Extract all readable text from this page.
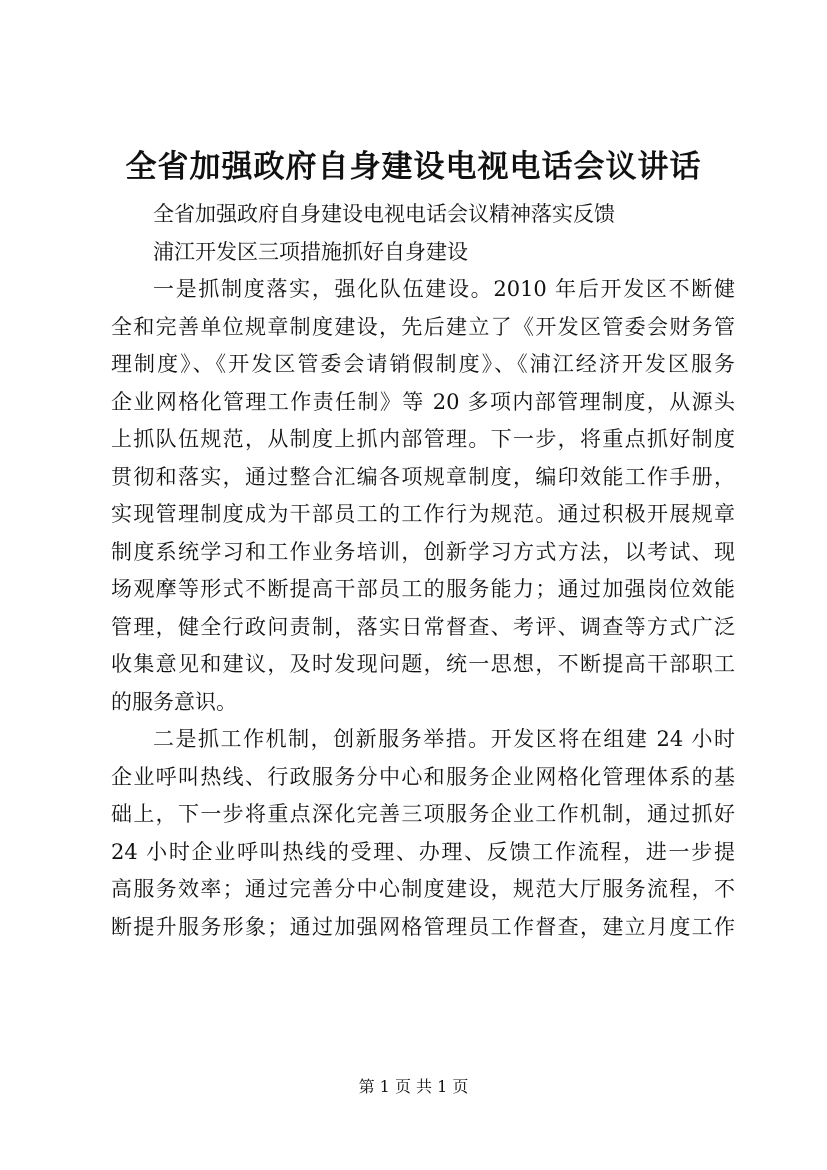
全省加强政府自身建设电视电话会议讲话
全省加强政府自身建设电视电话会议精神落实反馈
浦江开发区三项措施抓好自身建设
一是抓制度落实，强化队伍建设。2010 年后开发区不断健
全和完善单位规章制度建设，先后建立了《开发区管委会财务管
理制度》、《开发区管委会请销假制度》、《浦江经济开发区服务
企业网格化管理工作责任制》等 20 多项内部管理制度，从源头
上抓队伍规范，从制度上抓内部管理。下一步，将重点抓好制度
贯彻和落实，通过整合汇编各项规章制度，编印效能工作手册，
实现管理制度成为干部员工的工作行为规范。通过积极开展规章
制度系统学习和工作业务培训，创新学习方式方法，以考试、现
场观摩等形式不断提高干部员工的服务能力；通过加强岗位效能
管理，健全行政问责制，落实日常督查、考评、调查等方式广泛
收集意见和建议，及时发现问题，统一思想，不断提高干部职工
的服务意识。
二是抓工作机制，创新服务举措。开发区将在组建 24 小时
企业呼叫热线、行政服务分中心和服务企业网格化管理体系的基
础上，下一步将重点深化完善三项服务企业工作机制，通过抓好
24 小时企业呼叫热线的受理、办理、反馈工作流程，进一步提
高服务效率；通过完善分中心制度建设，规范大厅服务流程，不
断提升服务形象；通过加强网格管理员工作督查，建立月度工作
第 1 页 共 1 页
